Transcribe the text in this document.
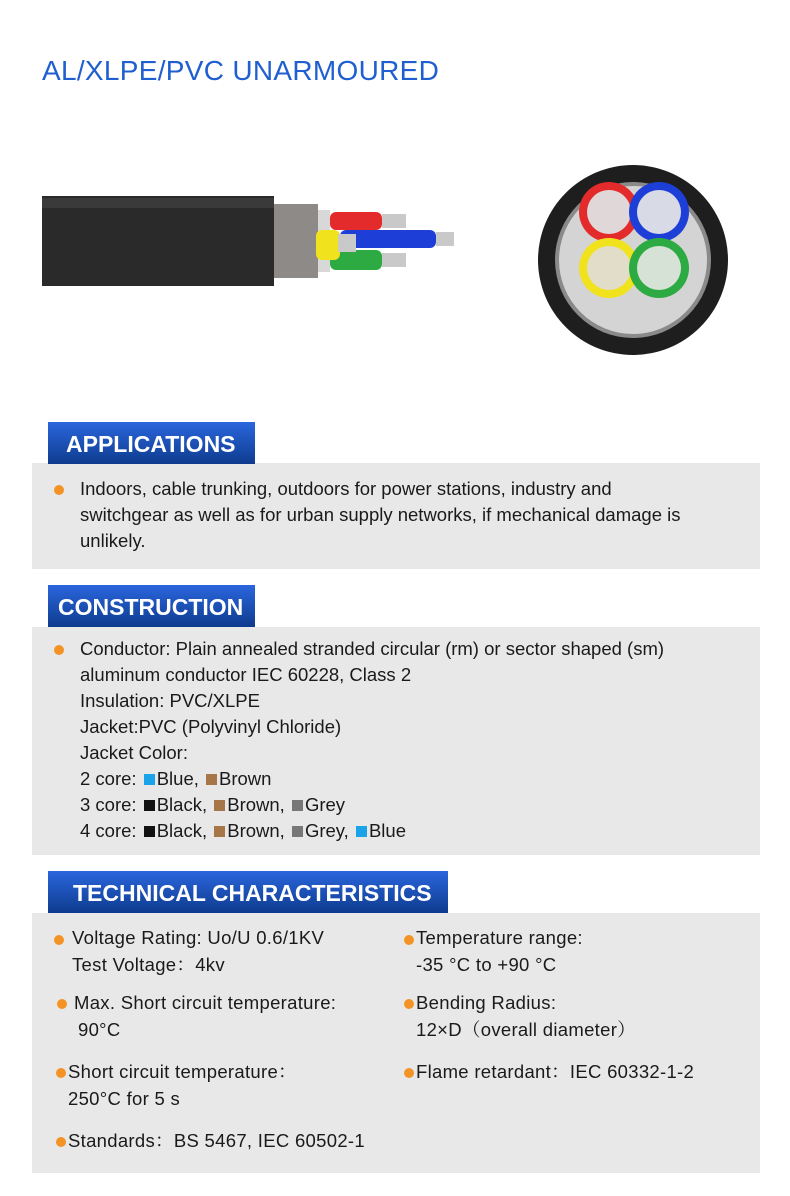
AL/XLPE/PVC UNARMOURED
APPLICATIONS
Indoors, cable trunking, outdoors for power stations, industry and
switchgear as well as for urban supply networks, if mechanical damage is
unlikely.
CONSTRUCTION
Conductor: Plain annealed stranded circular (rm) or sector shaped (sm)
aluminum conductor IEC 60228, Class 2
Insulation: PVC/XLPE
Jacket:PVC (Polyvinyl Chloride)
Jacket Color:
2 core: Blue, Brown
3 core: Black, Brown, Grey
4 core: Black, Brown, Grey, Blue
TECHNICAL CHARACTERISTICS
Voltage Rating: Uo/U 0.6/1KV
Test Voltage：4kv
Temperature range:
-35 °C to +90 °C
Max. Short circuit temperature:
90°C
Bending Radius:
12×D（overall diameter）
Short circuit temperature：
250°C for 5 s
Flame retardant：IEC 60332-1-2
Standards：BS 5467, IEC 60502-1
